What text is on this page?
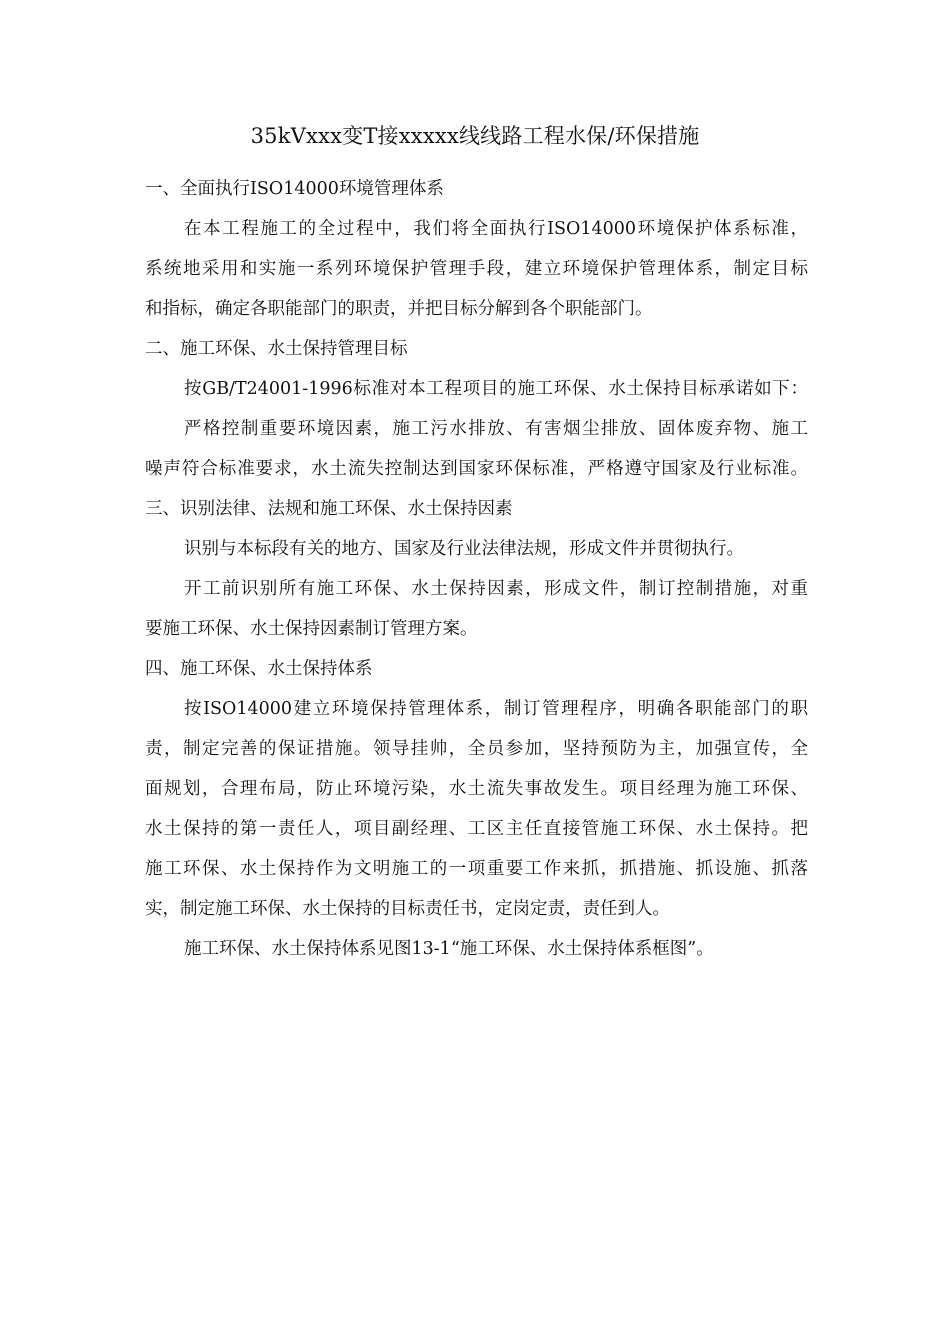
35kVxxx变T接xxxxx线线路工程水保/环保措施
一、全面执行ISO14000环境管理体系
在本工程施工的全过程中，我们将全面执行ISO14000环境保护体系标准，
系统地采用和实施一系列环境保护管理手段，建立环境保护管理体系，制定目标
和指标，确定各职能部门的职责，并把目标分解到各个职能部门。
二、施工环保、水土保持管理目标
按GB/T24001-1996标准对本工程项目的施工环保、水土保持目标承诺如下：
严格控制重要环境因素，施工污水排放、有害烟尘排放、固体废弃物、施工
噪声符合标准要求，水土流失控制达到国家环保标准，严格遵守国家及行业标准。
三、识别法律、法规和施工环保、水土保持因素
识别与本标段有关的地方、国家及行业法律法规，形成文件并贯彻执行。
开工前识别所有施工环保、水土保持因素，形成文件，制订控制措施，对重
要施工环保、水土保持因素制订管理方案。
四、施工环保、水土保持体系
按ISO14000建立环境保持管理体系，制订管理程序，明确各职能部门的职
责，制定完善的保证措施。领导挂帅，全员参加，坚持预防为主，加强宣传，全
面规划，合理布局，防止环境污染，水土流失事故发生。项目经理为施工环保、
水土保持的第一责任人，项目副经理、工区主任直接管施工环保、水土保持。把
施工环保、水土保持作为文明施工的一项重要工作来抓，抓措施、抓设施、抓落
实，制定施工环保、水土保持的目标责任书，定岗定责，责任到人。
施工环保、水土保持体系见图13-1“施工环保、水土保持体系框图”。
